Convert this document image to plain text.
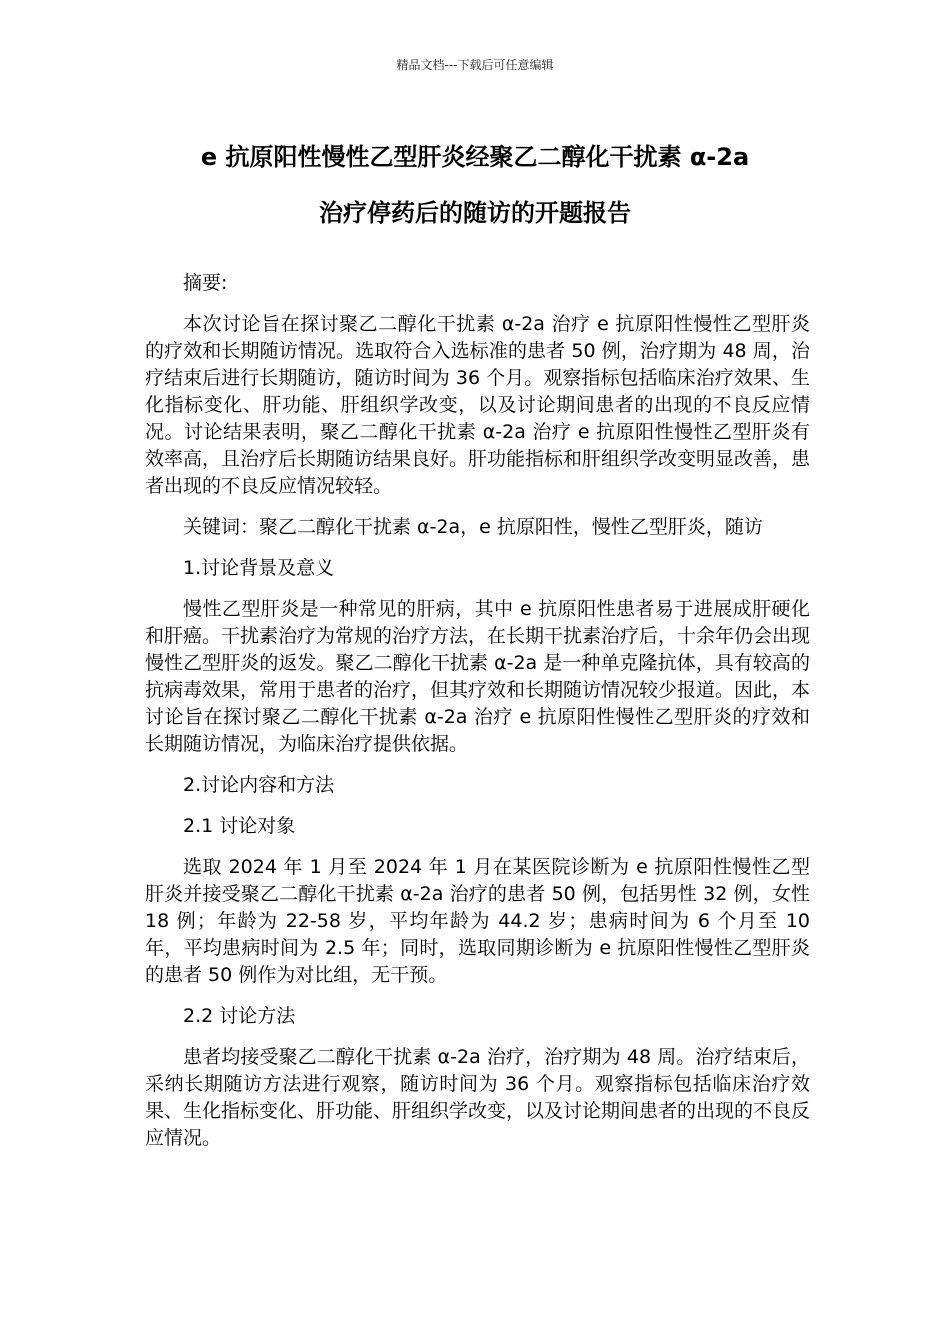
精品文档---下载后可任意编辑
e 抗原阳性慢性乙型肝炎经聚乙二醇化干扰素 α-2a
治疗停药后的随访的开题报告

摘要:

本次讨论旨在探讨聚乙二醇化干扰素 α-2a 治疗 e 抗原阳性慢性乙型肝炎的疗效和长期随访情况。选取符合入选标准的患者 50 例，治疗期为 48 周，治疗结束后进行长期随访，随访时间为 36 个月。观察指标包括临床治疗效果、生化指标变化、肝功能、肝组织学改变，以及讨论期间患者的出现的不良反应情况。讨论结果表明，聚乙二醇化干扰素 α-2a 治疗 e 抗原阳性慢性乙型肝炎有效率高，且治疗后长期随访结果良好。肝功能指标和肝组织学改变明显改善，患者出现的不良反应情况较轻。

关键词：聚乙二醇化干扰素 α-2a，e 抗原阳性，慢性乙型肝炎，随访

1.讨论背景及意义

慢性乙型肝炎是一种常见的肝病，其中 e 抗原阳性患者易于进展成肝硬化和肝癌。干扰素治疗为常规的治疗方法，在长期干扰素治疗后，十余年仍会出现慢性乙型肝炎的返发。聚乙二醇化干扰素 α-2a 是一种单克隆抗体，具有较高的抗病毒效果，常用于患者的治疗，但其疗效和长期随访情况较少报道。因此，本讨论旨在探讨聚乙二醇化干扰素 α-2a 治疗 e 抗原阳性慢性乙型肝炎的疗效和长期随访情况，为临床治疗提供依据。

2.讨论内容和方法

2.1 讨论对象

选取 2024 年 1 月至 2024 年 1 月在某医院诊断为 e 抗原阳性慢性乙型肝炎并接受聚乙二醇化干扰素 α-2a 治疗的患者 50 例，包括男性 32 例，女性 18 例；年龄为 22-58 岁，平均年龄为 44.2 岁；患病时间为 6 个月至 10 年，平均患病时间为 2.5 年；同时，选取同期诊断为 e 抗原阳性慢性乙型肝炎的患者 50 例作为对比组，无干预。

2.2 讨论方法

患者均接受聚乙二醇化干扰素 α-2a 治疗，治疗期为 48 周。治疗结束后，采纳长期随访方法进行观察，随访时间为 36 个月。观察指标包括临床治疗效果、生化指标变化、肝功能、肝组织学改变，以及讨论期间患者的出现的不良反应情况。
